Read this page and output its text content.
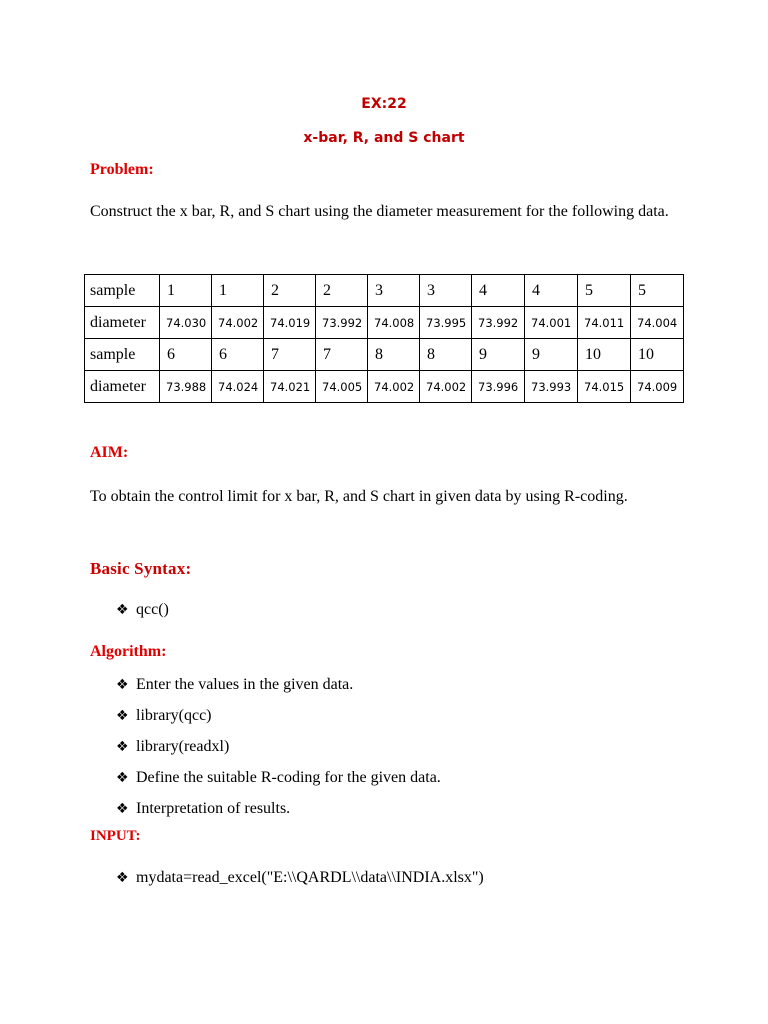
EX:22
x-bar, R, and S chart
Problem:
Construct the x bar, R, and S chart using the diameter measurement for the following data.
sample	1	1	2	2	3	3	4	4	5	5
diameter	74.030	74.002	74.019	73.992	74.008	73.995	73.992	74.001	74.011	74.004
sample	6	6	7	7	8	8	9	9	10	10
diameter	73.988	74.024	74.021	74.005	74.002	74.002	73.996	73.993	74.015	74.009
AIM:
To obtain the control limit for x bar, R, and S chart in given data by using R-coding.
Basic Syntax:
❖ qcc()
Algorithm:
❖ Enter the values in the given data.
❖ library(qcc)
❖ library(readxl)
❖ Define the suitable R-coding for the given data.
❖ Interpretation of results.
INPUT:
❖ mydata=read_excel("E:\\QARDL\\data\\INDIA.xlsx")
